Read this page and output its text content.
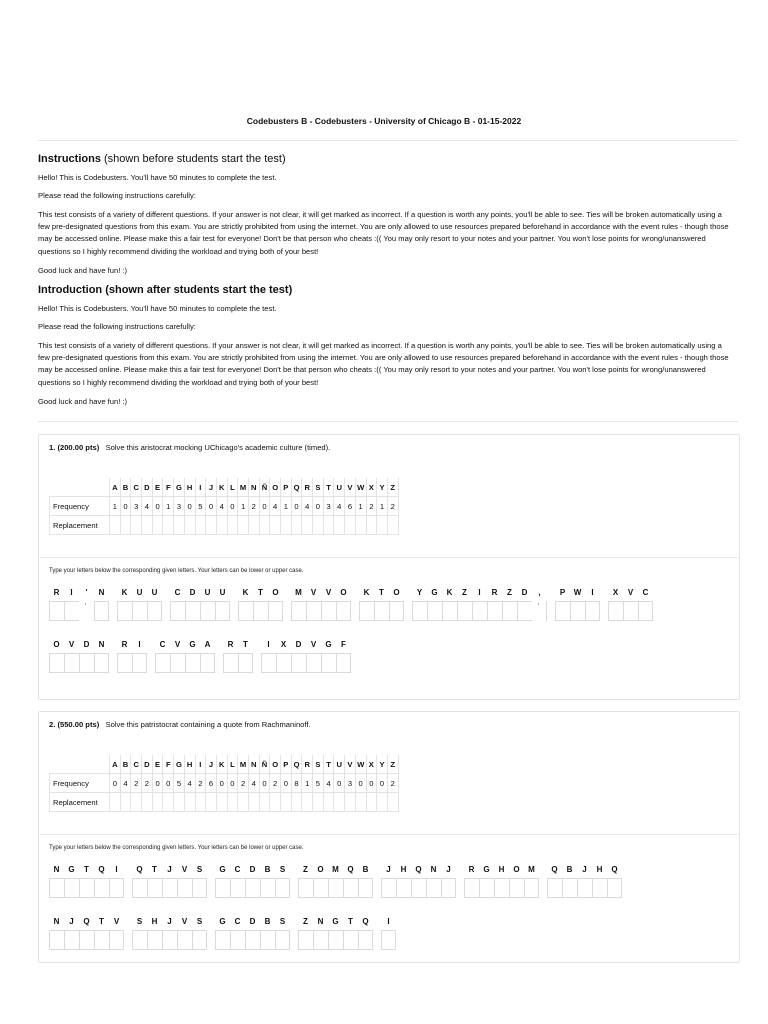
Codebusters B - Codebusters - University of Chicago B - 01-15-2022
Instructions (shown before students start the test)
Hello! This is Codebusters. You'll have 50 minutes to complete the test.
Please read the following instructions carefully:
This test consists of a variety of different questions. If your answer is not clear, it will get marked as incorrect. If a question is worth any points, you'll be able to see. Ties will be broken automatically using a few pre-designated questions from this exam. You are strictly prohibited from using the internet. You are only allowed to use resources prepared beforehand in accordance with the event rules - though those may be accessed online. Please make this a fair test for everyone! Don't be that person who cheats :(( You may only resort to your notes and your partner. You won't lose points for wrong/unanswered questions so I highly recommend dividing the workload and trying both of your best!
Good luck and have fun! :)
Introduction (shown after students start the test)
Hello! This is Codebusters. You'll have 50 minutes to complete the test.
Please read the following instructions carefully:
This test consists of a variety of different questions. If your answer is not clear, it will get marked as incorrect. If a question is worth any points, you'll be able to see. Ties will be broken automatically using a few pre-designated questions from this exam. You are strictly prohibited from using the internet. You are only allowed to use resources prepared beforehand in accordance with the event rules - though those may be accessed online. Please make this a fair test for everyone! Don't be that person who cheats :(( You may only resort to your notes and your partner. You won't lose points for wrong/unanswered questions so I highly recommend dividing the workload and trying both of your best!
Good luck and have fun! :)
1. (200.00 pts) Solve this aristocrat mocking UChicago's academic culture (timed).
	A	B	C	D	E	F	G	H	I	J	K	L	M	N	Ñ	O	P	Q	R	S	T	U	V	W	X	Y	Z
Frequency	1	0	3	4	0	1	3	0	5	0	4	0	1	2	0	4	1	0	4	0	3	4	6	1	2	1	2
Replacement																											
Type your letters below the corresponding given letters. Your letters can be lower or upper case.
R	I	'
'	N	K	U	U	C	D	U	U	K	T	O	M	V	V	O	K	T	O	Y	G	K	Z	I	R	Z	D	,
'	P	W	I	X	V	C
O	V	D	N	R	I	C	V	G	A	R	T	I	X	D	V	G	F
2. (550.00 pts) Solve this patristocrat containing a quote from Rachmaninoff.
	A	B	C	D	E	F	G	H	I	J	K	L	M	N	Ñ	O	P	Q	R	S	T	U	V	W	X	Y	Z
Frequency	0	4	2	2	0	0	5	4	2	6	0	0	2	4	0	2	0	8	1	5	4	0	3	0	0	0	2
Replacement																											
Type your letters below the corresponding given letters. Your letters can be lower or upper case.
N	G	T	Q	I	Q	T	J	V	S	G	C	D	B	S	Z	O	M	Q	B	J	H	Q	N	J	R	G	H	O	M	Q	B	J	H	Q
N	J	Q	T	V	S	H	J	V	S	G	C	D	B	S	Z	N	G	T	Q	I
